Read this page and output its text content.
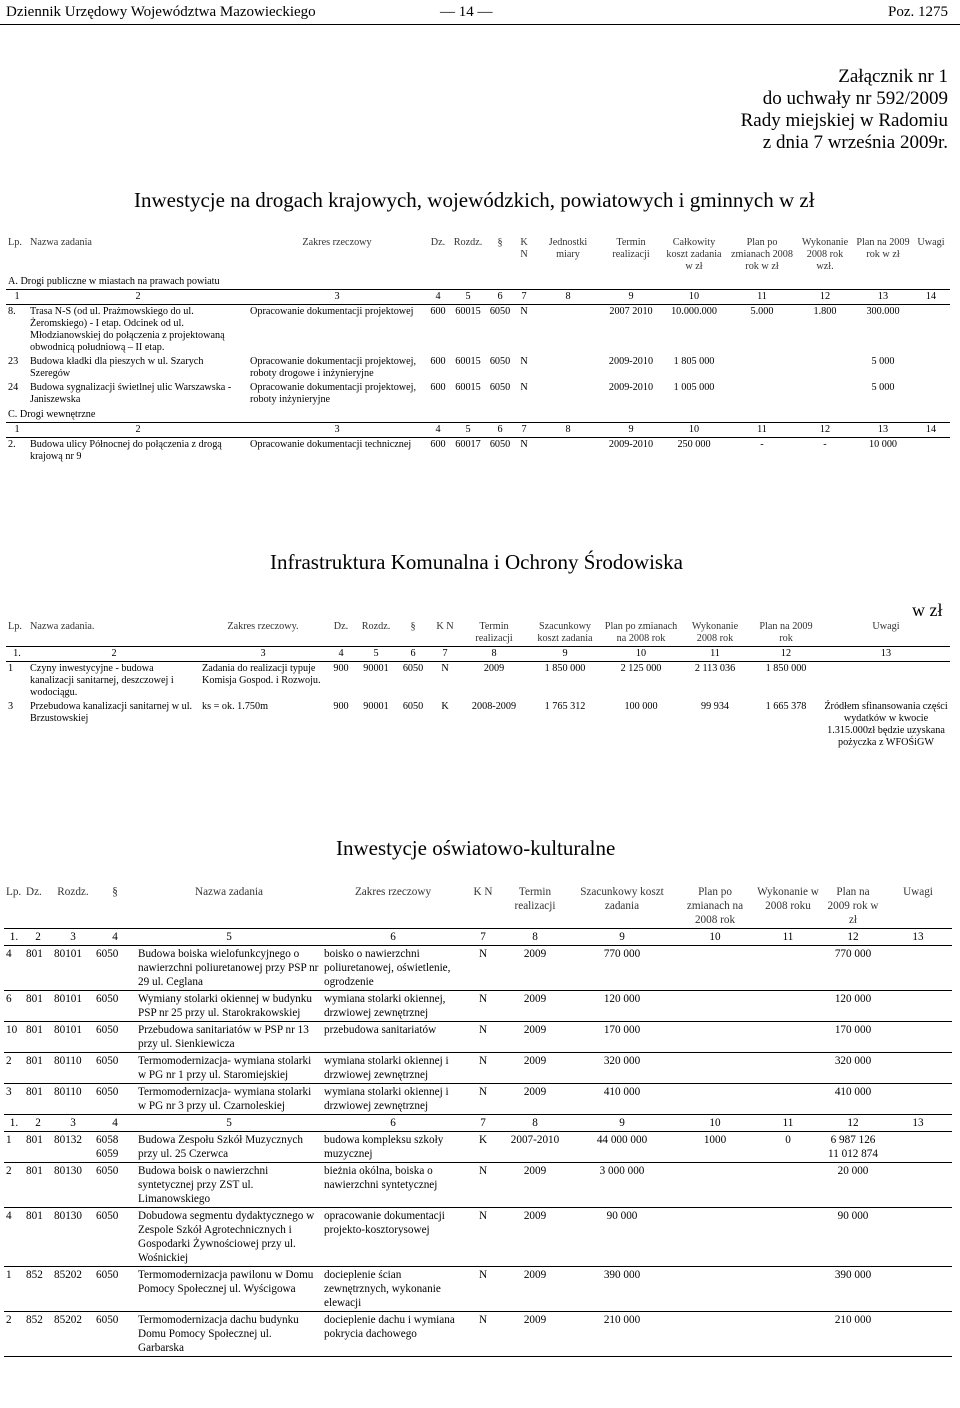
Dziennik Urzędowy Województwa Mazowieckiego	— 14 —	Poz. 1275
Załącznik nr 1
do uchwały nr 592/2009
Rady miejskiej w Radomiu
z dnia 7 września 2009r.
Inwestycje na drogach krajowych, wojewódzkich, powiatowych i gminnych w zł
Lp.	Nazwa zadania	Zakres rzeczowy	Dz.	Rozdz.	§	K N	Jednostki miary	Termin realizacji	Całkowity koszt zadania w zł	Plan po zmianach 2008 rok w zł	Wykonanie 2008 rok wzł.	Plan na 2009 rok w zł	Uwagi
A. Drogi publiczne w miastach na prawach powiatu													
1	2	3	4	5	6	7	8	9	10	11	12	13	14
8.	Trasa N-S (od ul. Prażmowskiego do ul. Żeromskiego) - I etap. Odcinek od ul. Młodzianowskiej do połączenia z projektowaną obwodnicą południową – II etap.	Opracowanie dokumentacji projektowej	600	60015	6050	N		2007 2010	10.000.000	5.000	1.800	300.000	
23	Budowa kładki dla pieszych w ul. Szarych Szeregów	Opracowanie dokumentacji projektowej, roboty drogowe i inżynieryjne	600	60015	6050	N		2009-2010	1 805 000			5 000	
24	Budowa sygnalizacji świetlnej ulic Warszawska - Janiszewska	Opracowanie dokumentacji projektowej, roboty inżynieryjne	600	60015	6050	N		2009-2010	1 005 000			5 000	
C. Drogi wewnętrzne													
1	2	3	4	5	6	7	8	9	10	11	12	13	14
2.	Budowa ulicy Północnej do połączenia z drogą krajową nr 9	Opracowanie dokumentacji technicznej	600	60017	6050	N		2009-2010	250 000	-	-	10 000	
Infrastruktura Komunalna i Ochrony Środowiska
w zł
Lp.	Nazwa zadania.	Zakres rzeczowy.	Dz.	Rozdz.	§	K N	Termin realizacji	Szacunkowy koszt zadania	Plan po zmianach na 2008 rok	Wykonanie 2008 rok	Plan na 2009 rok	Uwagi
1.	2	3	4	5	6	7	8	9	10	11	12	13
1	Czyny inwestycyjne - budowa kanalizacji sanitarnej, deszczowej i wodociągu.	Zadania do realizacji typuje Komisja Gospod. i Rozwoju.	900	90001	6050	N	2009	1 850 000	2 125 000	2 113 036	1 850 000	
3	Przebudowa kanalizacji sanitarnej w ul. Brzustowskiej	ks = ok. 1.750m	900	90001	6050	K	2008-2009	1 765 312	100 000	99 934	1 665 378	Źródłem sfinansowania części wydatków w kwocie 1.315.000zł będzie uzyskana pożyczka z WFOŚiGW
Inwestycje oświatowo-kulturalne
Lp.	Dz.	Rozdz.	§	Nazwa zadania	Zakres rzeczowy	K N	Termin realizacji	Szacunkowy koszt zadania	Plan po zmianach na 2008 rok	Wykonanie w 2008 roku	Plan na 2009 rok w zł	Uwagi
1.	2	3	4	5	6	7	8	9	10	11	12	13
4	801	80101	6050	Budowa boiska wielofunkcyjnego o nawierzchni poliuretanowej przy PSP nr 29 ul. Ceglana	boisko o nawierzchni poliuretanowej, oświetlenie, ogrodzenie	N	2009	770 000			770 000	
6	801	80101	6050	Wymiany stolarki okiennej w budynku PSP nr 25 przy ul. Starokrakowskiej	wymiana stolarki okiennej, drzwiowej zewnętrznej	N	2009	120 000			120 000	
10	801	80101	6050	Przebudowa sanitariatów w PSP nr 13 przy ul. Sienkiewicza	przebudowa sanitariatów	N	2009	170 000			170 000	
2	801	80110	6050	Termomodernizacja- wymiana stolarki w PG nr 1 przy ul. Staromiejskiej	wymiana stolarki okiennej i drzwiowej zewnętrznej	N	2009	320 000			320 000	
3	801	80110	6050	Termomodernizacja- wymiana stolarki w PG nr 3 przy ul. Czarnoleskiej	wymiana stolarki okiennej i drzwiowej zewnętrznej	N	2009	410 000			410 000	
1.	2	3	4	5	6	7	8	9	10	11	12	13
1	801	80132	6058 6059	Budowa Zespołu Szkół Muzycznych przy ul. 25 Czerwca	budowa kompleksu szkoły muzycznej	K	2007-2010	44 000 000	1000	0	6 987 126 11 012 874	
2	801	80130	6050	Budowa boisk o nawierzchni syntetycznej przy ZST ul. Limanowskiego	bieżnia okólna, boiska o nawierzchni syntetycznej	N	2009	3 000 000			20 000	
4	801	80130	6050	Dobudowa segmentu dydaktycznego w Zespole Szkół Agrotechnicznych i Gospodarki Żywnościowej przy ul. Wośnickiej	opracowanie dokumentacji projekto-kosztorysowej	N	2009	90 000			90 000	
1	852	85202	6050	Termomodernizacja pawilonu w Domu Pomocy Społecznej ul. Wyścigowa	docieplenie ścian zewnętrznych, wykonanie elewacji	N	2009	390 000			390 000	
2	852	85202	6050	Termomodernizacja dachu budynku Domu Pomocy Społecznej ul. Garbarska	docieplenie dachu i wymiana pokrycia dachowego	N	2009	210 000			210 000	
